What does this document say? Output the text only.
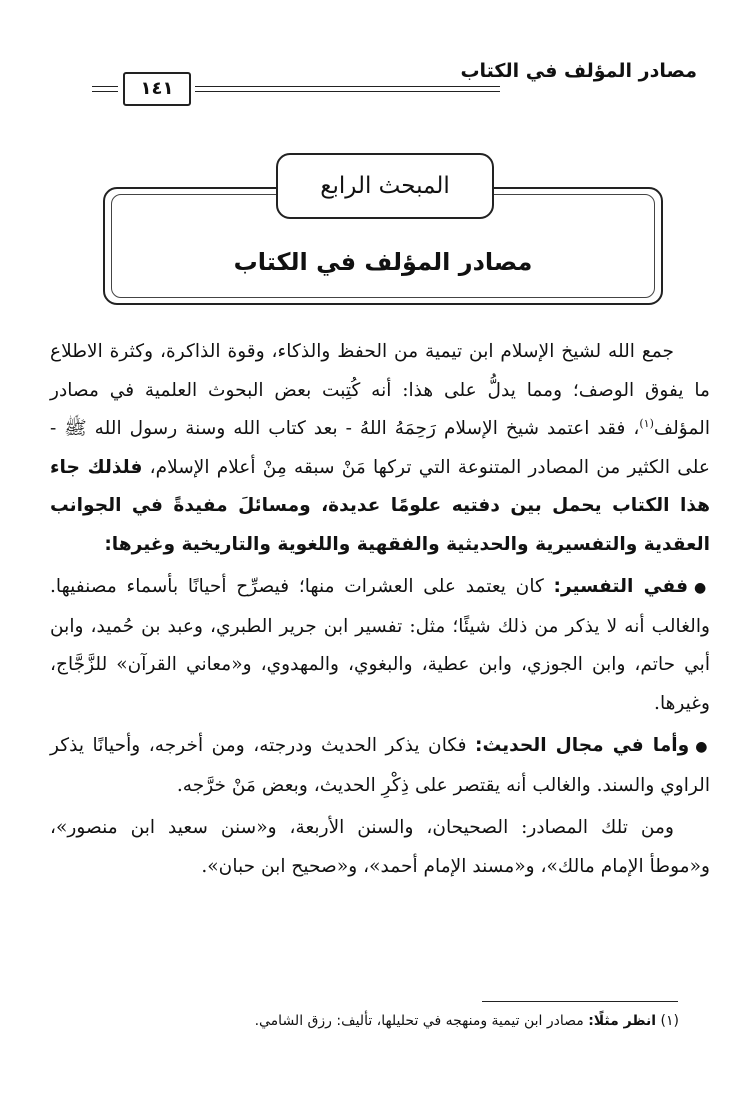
مصادر المؤلف في الكتاب
١٤١
المبحث الرابع
مصادر المؤلف في الكتاب

جمع الله لشيخ الإسلام ابن تيمية من الحفظ والذكاء، وقوة الذاكرة، وكثرة الاطلاع ما يفوق الوصف؛ ومما يدلُّ على هذا: أنه كُتِبت بعض البحوث العلمية في مصادر المؤلف$^{(١)}$، فقد اعتمد شيخ الإسلام رَحِمَهُ اللهُ - بعد كتاب الله وسنة رسول الله ﷺ - على الكثير من المصادر المتنوعة التي تركها مَنْ سبقه مِنْ أعلام الإسلام، فلذلك جاء هذا الكتاب يحمل بين دفتيه علومًا عديدة، ومسائلَ مفيدةً في الجوانب العقدية والتفسيرية والحديثية والفقهية واللغوية والتاريخية وغيرها:

●ففي التفسير: كان يعتمد على العشرات منها؛ فيصرِّح أحيانًا بأسماء مصنفيها. والغالب أنه لا يذكر من ذلك شيئًا؛ مثل: تفسير ابن جرير الطبري، وعبد بن حُميد، وابن أبي حاتم، وابن الجوزي، وابن عطية، والبغوي، والمهدوي، و«معاني القرآن» للزَّجَّاج، وغيرها.

●وأما في مجال الحديث: فكان يذكر الحديث ودرجته، ومن أخرجه، وأحيانًا يذكر الراوي والسند. والغالب أنه يقتصر على ذِكْرِ الحديث، وبعض مَنْ خرَّجه.

ومن تلك المصادر: الصحيحان، والسنن الأربعة، و«سنن سعيد ابن منصور»، و«موطأ الإمام مالك»، و«مسند الإمام أحمد»، و«صحيح ابن حبان».

(١) انظر مثلًا: مصادر ابن تيمية ومنهجه في تحليلها، تأليف: رزق الشامي.
